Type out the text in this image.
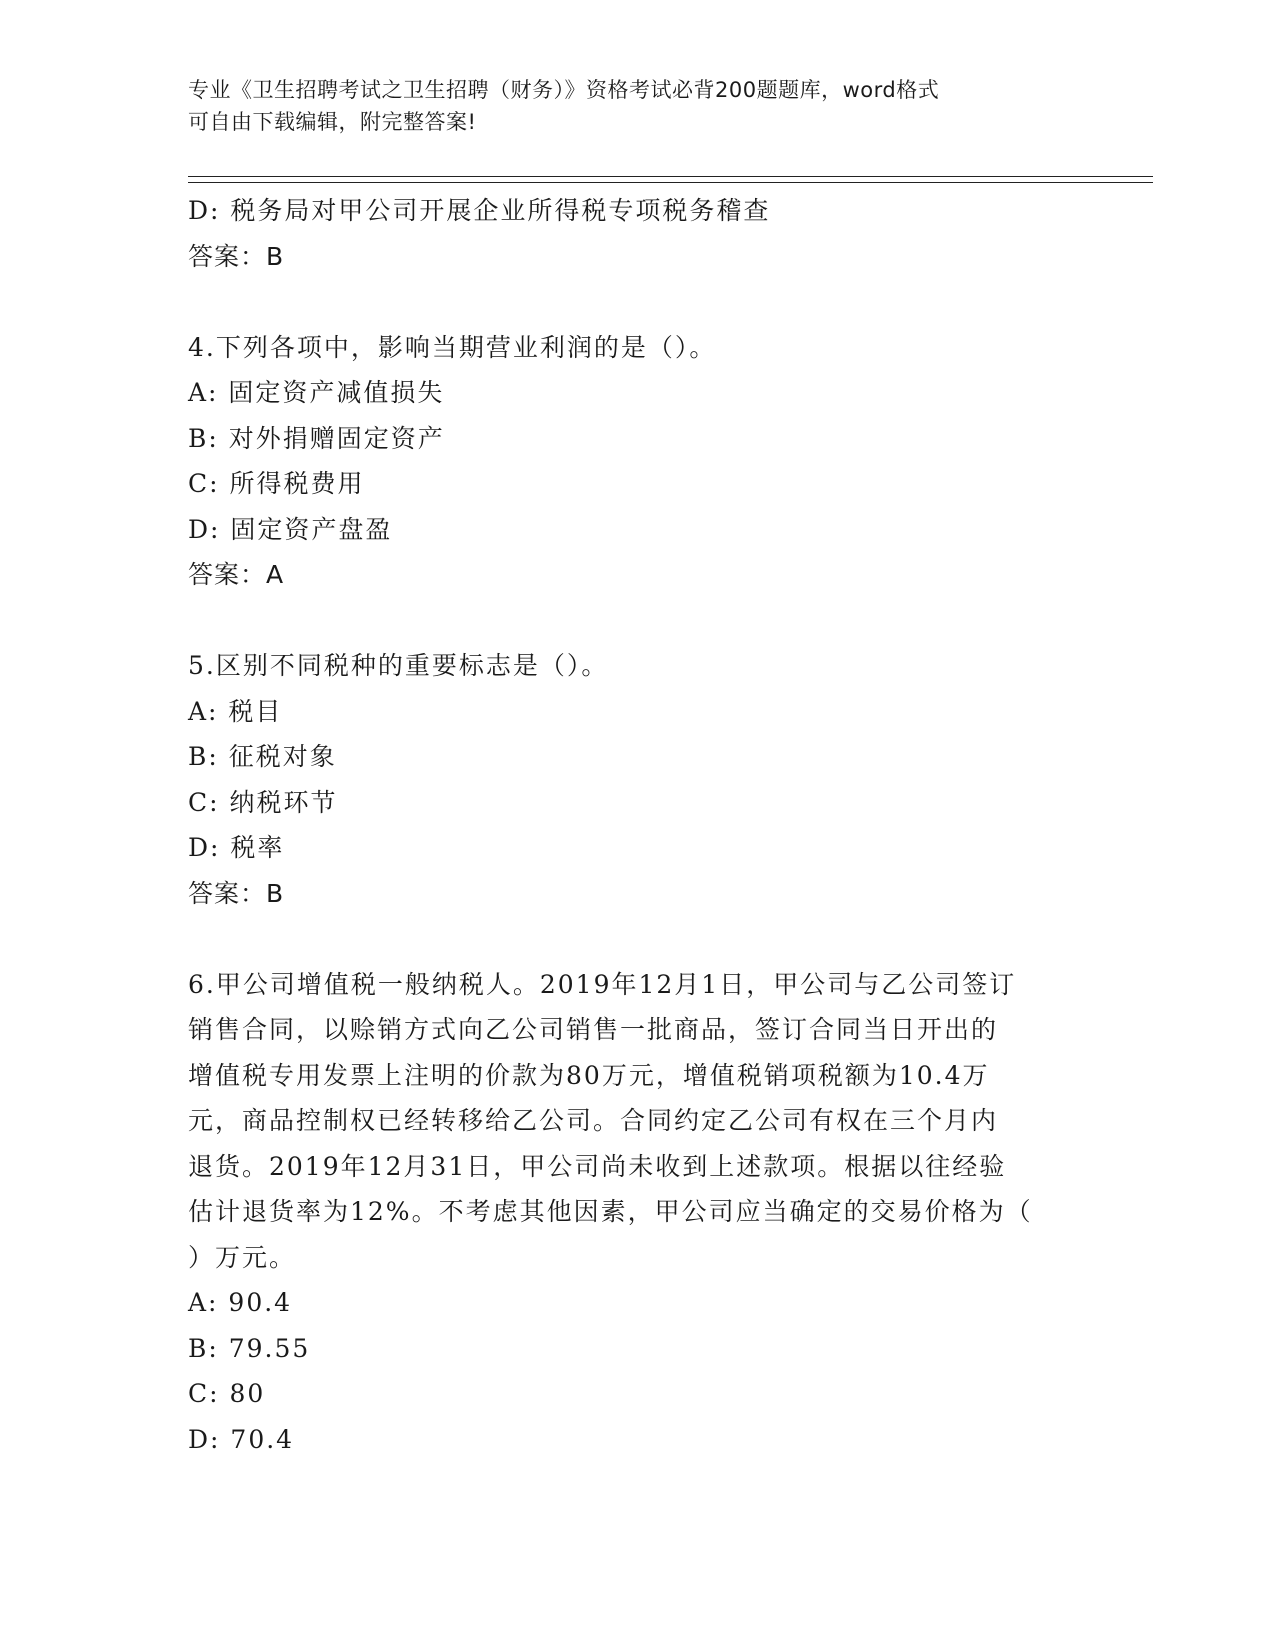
专业《卫生招聘考试之卫生招聘（财务）》资格考试必背200题题库，word格式
可自由下载编辑，附完整答案!
D: 税务局对甲公司开展企业所得税专项税务稽查
答案：B
4.下列各项中，影响当期营业利润的是（）。
A: 固定资产减值损失
B: 对外捐赠固定资产
C: 所得税费用
D: 固定资产盘盈
答案：A
5.区别不同税种的重要标志是（）。
A: 税目
B: 征税对象
C: 纳税环节
D: 税率
答案：B
6.甲公司增值税一般纳税人。2019年12月1日，甲公司与乙公司签订
销售合同，以赊销方式向乙公司销售一批商品，签订合同当日开出的
增值税专用发票上注明的价款为80万元，增值税销项税额为10.4万
元，商品控制权已经转移给乙公司。合同约定乙公司有权在三个月内
退货。2019年12月31日，甲公司尚未收到上述款项。根据以往经验
估计退货率为12%。不考虑其他因素，甲公司应当确定的交易价格为（
）万元。
A: 90.4
B: 79.55
C: 80
D: 70.4
